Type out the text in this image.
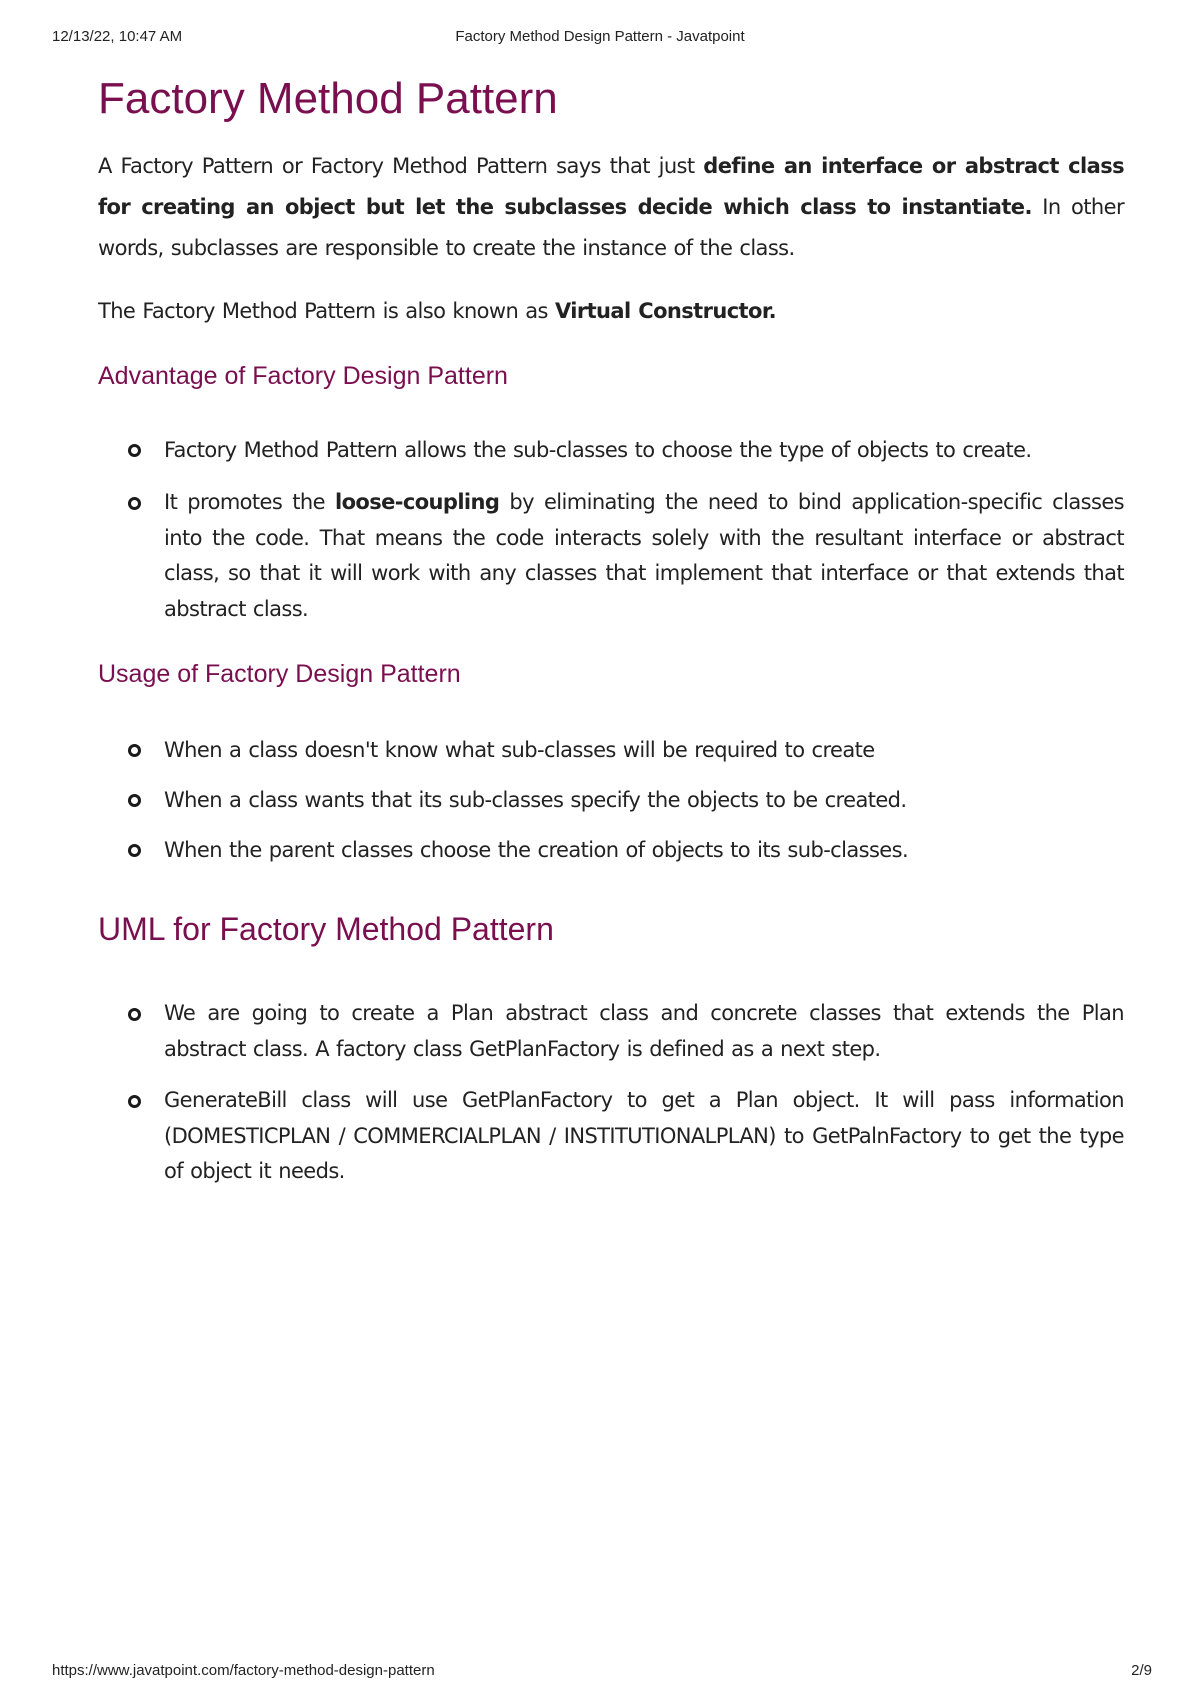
12/13/22, 10:47 AM	Factory Method Design Pattern - Javatpoint
Factory Method Pattern

A Factory Pattern or Factory Method Pattern says that just define an interface or abstract class for creating an object but let the subclasses decide which class to instantiate. In other words, subclasses are responsible to create the instance of the class.

The Factory Method Pattern is also known as Virtual Constructor.

Advantage of Factory Design Pattern
Factory Method Pattern allows the sub-classes to choose the type of objects to create.
It promotes the loose-coupling by eliminating the need to bind application-specific classes into the code. That means the code interacts solely with the resultant interface or abstract class, so that it will work with any classes that implement that interface or that extends that abstract class.
Usage of Factory Design Pattern
When a class doesn't know what sub-classes will be required to create
When a class wants that its sub-classes specify the objects to be created.
When the parent classes choose the creation of objects to its sub-classes.
UML for Factory Method Pattern
We are going to create a Plan abstract class and concrete classes that extends the Plan abstract class. A factory class GetPlanFactory is defined as a next step.
GenerateBill class will use GetPlanFactory to get a Plan object. It will pass information (DOMESTICPLAN / COMMERCIALPLAN / INSTITUTIONALPLAN) to GetPalnFactory to get the type of object it needs.
https://www.javatpoint.com/factory-method-design-pattern	2/9
